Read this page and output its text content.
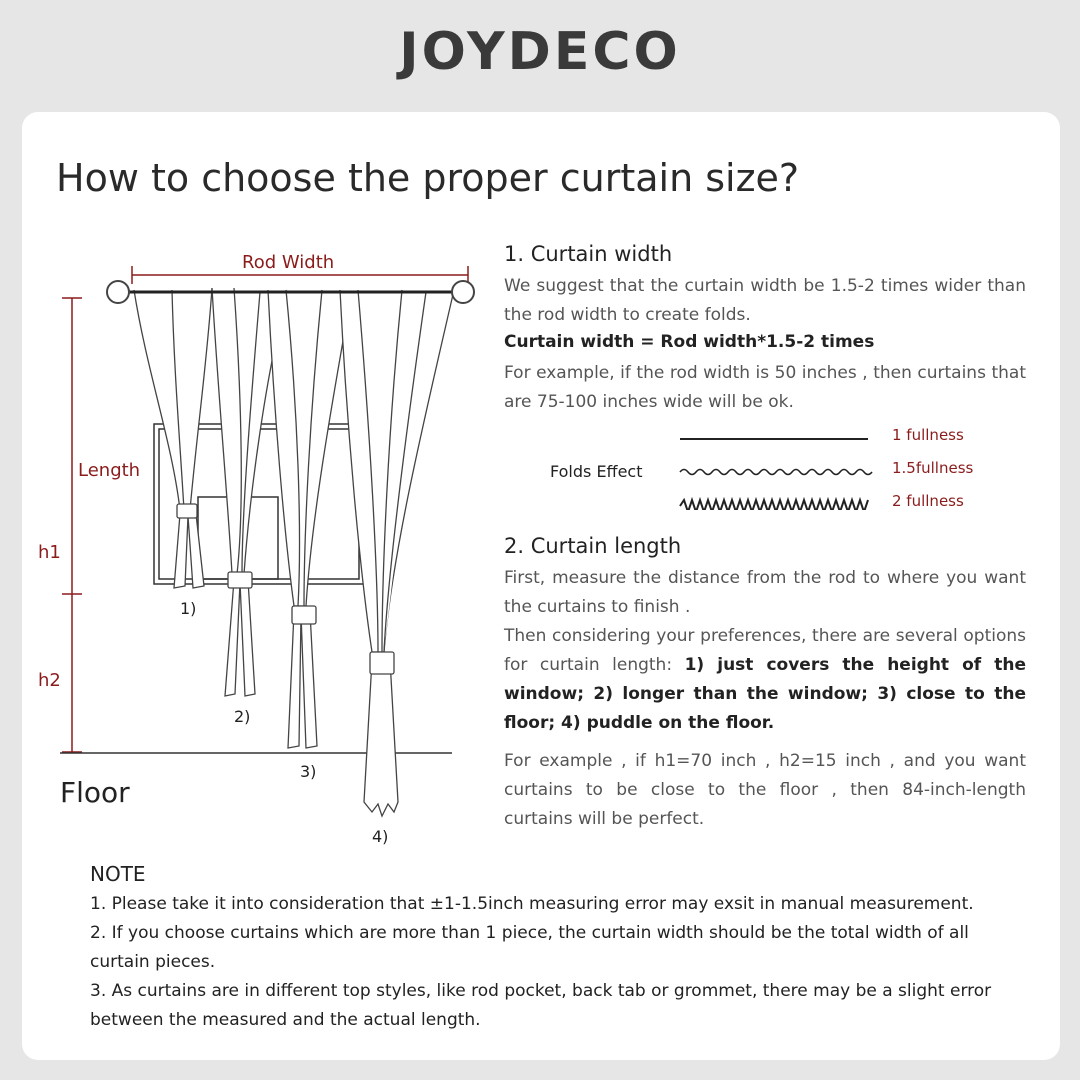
JOYDECO
How to choose the proper curtain size?
Rod Width
Length
h1
h2
Floor
1)
2)
3)
4)
1. Curtain width

We suggest that the curtain width be 1.5-2 times wider than the rod width to create folds.

Curtain width = Rod width*1.5-2 times

For example, if the rod width is 50 inches , then curtains that are 75-100 inches wide will be ok.

Folds Effect
1 fullness
1.5fullness
2 fullness
2. Curtain length

First, measure the distance from the rod to where you want the curtains to finish .

Then considering your preferences, there are several options for curtain length: 1) just covers the height of the window; 2) longer than the window; 3) close to the floor; 4) puddle on the floor.

For example , if h1=70 inch , h2=15 inch , and you want curtains to be close to the floor , then 84-inch-length curtains will be perfect.

NOTE

1. Please take it into consideration that ±1-1.5inch measuring error may exsit in manual measurement.

2. If you choose curtains which are more than 1 piece, the curtain width should be the total width of all curtain pieces.

3. As curtains are in different top styles, like rod pocket, back tab or grommet, there may be a slight error between the measured and the actual length.
